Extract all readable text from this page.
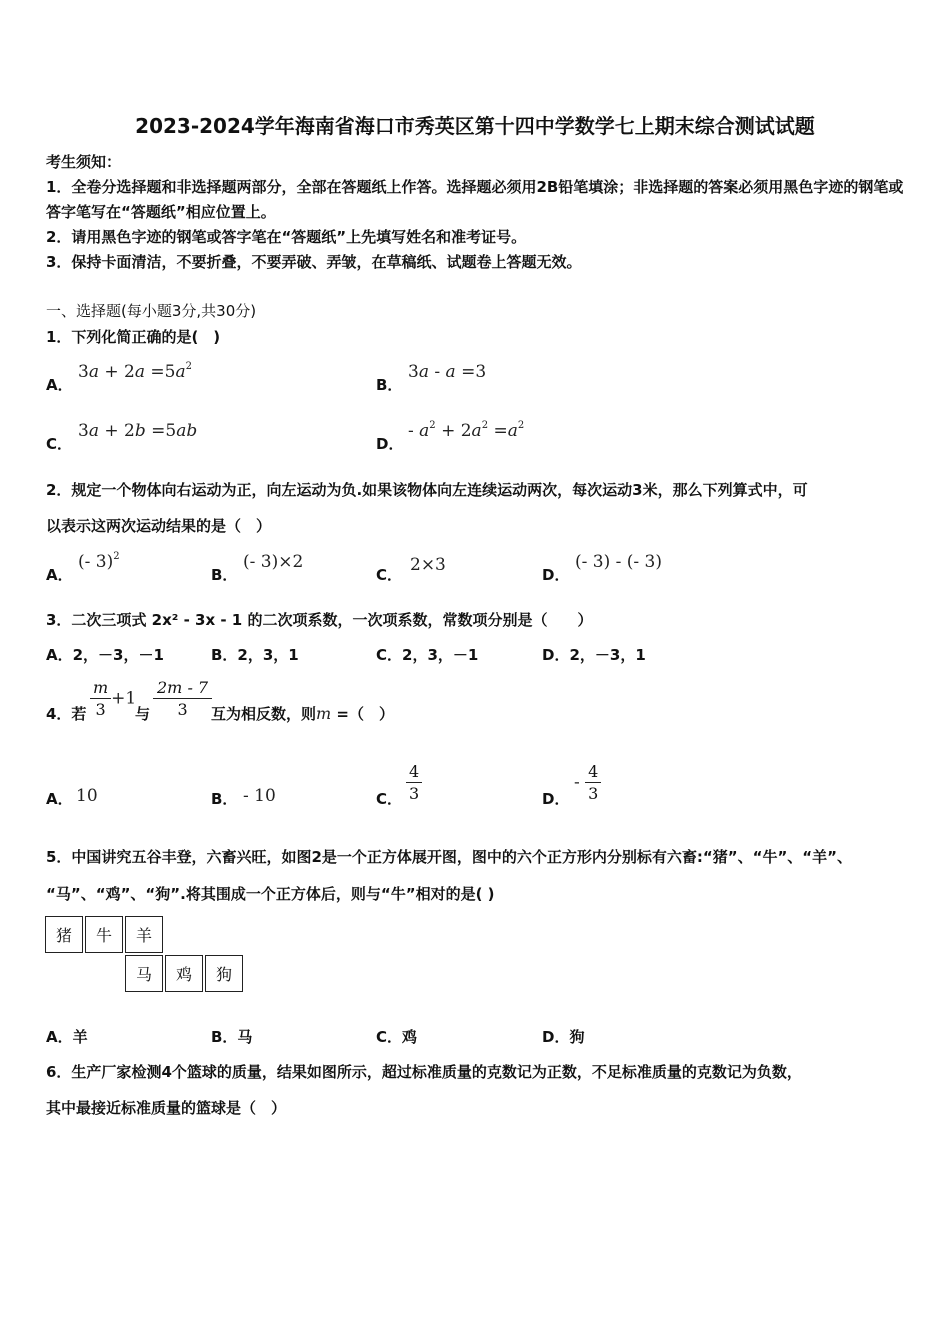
2023-2024学年海南省海口市秀英区第十四中学数学七上期末综合测试试题
考生须知：
1．全卷分选择题和非选择题两部分，全部在答题纸上作答。选择题必须用2B铅笔填涂；非选择题的答案必须用黑色字迹的钢笔或答字笔写在“答题纸”相应位置上。
2．请用黑色字迹的钢笔或答字笔在“答题纸”上先填写姓名和准考证号。
3．保持卡面清洁，不要折叠，不要弄破、弄皱，在草稿纸、试题卷上答题无效。
一、选择题(每小题3分,共30分)
1．下列化简正确的是(　)
A．
$3a + 2a =5a^2$
B．
3a - a =3
C．
3a + 2b =5ab
D．
- $a^2 + 2a^2 =a^2$
2．规定一个物体向右运动为正，向左运动为负.如果该物体向左连续运动两次，每次运动3米，那么下列算式中，可
以表示这两次运动结果的是（　）
A．
(- 3)$^2$
B．
(- 3)×2
C． 2×3	D．
(- 3) - (- 3)
3．二次三项式 2x² - 3x - 1 的二次项系数，一次项系数，常数项分别是（　　）
A．2，－3，－1	B．2，3，1	C．2，3，－1	D．2，－3，1
4．若 $\frac{m}{3} +1$
与 $\frac{2m - 7}{3}$
互为相反数，则m =（　）
A． 10	B． - 10	C． $\frac{4}{3}$	D．
- $\frac{4}{3}$
5．中国讲究五谷丰登，六畜兴旺，如图2是一个正方体展开图，图中的六个正方形内分别标有六畜:“猪”、“牛”、“羊”、
“马”、“鸡”、“狗”.将其围成一个正方体后，则与“牛”相对的是( )
猪	牛	羊
马	鸡	狗
A．羊	B．马	C．鸡	D．狗
6．生产厂家检测4个篮球的质量，结果如图所示，超过标准质量的克数记为正数，不足标准质量的克数记为负数，
其中最接近标准质量的篮球是（　）
